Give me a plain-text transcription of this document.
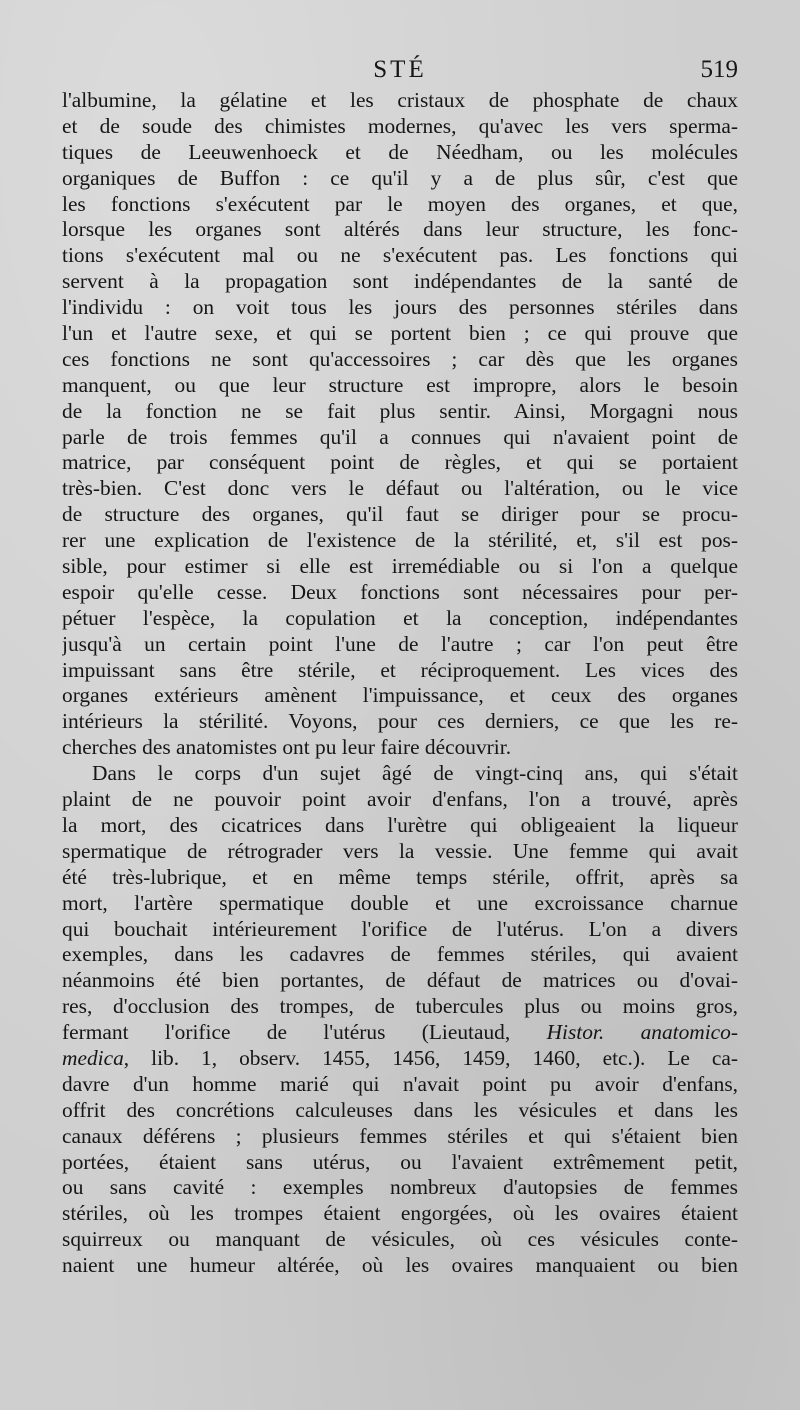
STÉ	519
l'albumine, la gélatine et les cristaux de phosphate de chaux
et de soude des chimistes modernes, qu'avec les vers sperma-
tiques de Leeuwenhoeck et de Néedham, ou les molécules
organiques de Buffon : ce qu'il y a de plus sûr, c'est que
les fonctions s'exécutent par le moyen des organes, et que,
lorsque les organes sont altérés dans leur structure, les fonc-
tions s'exécutent mal ou ne s'exécutent pas. Les fonctions qui
servent à la propagation sont indépendantes de la santé de
l'individu : on voit tous les jours des personnes stériles dans
l'un et l'autre sexe, et qui se portent bien ; ce qui prouve que
ces fonctions ne sont qu'accessoires ; car dès que les organes
manquent, ou que leur structure est impropre, alors le besoin
de la fonction ne se fait plus sentir. Ainsi, Morgagni nous
parle de trois femmes qu'il a connues qui n'avaient point de
matrice, par conséquent point de règles, et qui se portaient
très-bien. C'est donc vers le défaut ou l'altération, ou le vice
de structure des organes, qu'il faut se diriger pour se procu-
rer une explication de l'existence de la stérilité, et, s'il est pos-
sible, pour estimer si elle est irremédiable ou si l'on a quelque
espoir qu'elle cesse. Deux fonctions sont nécessaires pour per-
pétuer l'espèce, la copulation et la conception, indépendantes
jusqu'à un certain point l'une de l'autre ; car l'on peut être
impuissant sans être stérile, et réciproquement. Les vices des
organes extérieurs amènent l'impuissance, et ceux des organes
intérieurs la stérilité. Voyons, pour ces derniers, ce que les re-
cherches des anatomistes ont pu leur faire découvrir.
Dans le corps d'un sujet âgé de vingt-cinq ans, qui s'était
plaint de ne pouvoir point avoir d'enfans, l'on a trouvé, après
la mort, des cicatrices dans l'urètre qui obligeaient la liqueur
spermatique de rétrograder vers la vessie. Une femme qui avait
été très-lubrique, et en même temps stérile, offrit, après sa
mort, l'artère spermatique double et une excroissance charnue
qui bouchait intérieurement l'orifice de l'utérus. L'on a divers
exemples, dans les cadavres de femmes stériles, qui avaient
néanmoins été bien portantes, de défaut de matrices ou d'ovai-
res, d'occlusion des trompes, de tubercules plus ou moins gros,
fermant l'orifice de l'utérus (Lieutaud, Histor. anatomico-
medica, lib. 1, observ. 1455, 1456, 1459, 1460, etc.). Le ca-
davre d'un homme marié qui n'avait point pu avoir d'enfans,
offrit des concrétions calculeuses dans les vésicules et dans les
canaux déférens ; plusieurs femmes stériles et qui s'étaient bien
portées, étaient sans utérus, ou l'avaient extrêmement petit,
ou sans cavité : exemples nombreux d'autopsies de femmes
stériles, où les trompes étaient engorgées, où les ovaires étaient
squirreux ou manquant de vésicules, où ces vésicules conte-
naient une humeur altérée, où les ovaires manquaient ou bien
